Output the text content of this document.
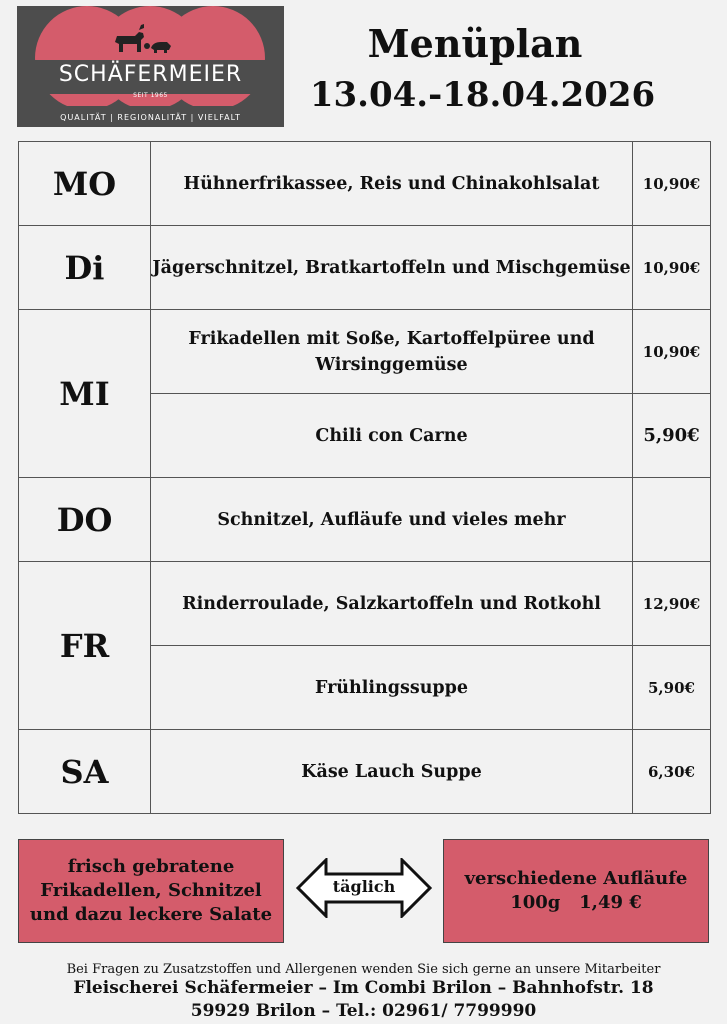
SCHÄFERMEIER
SEIT 1965
QUALITÄT | REGIONALITÄT | VIELFALT
Menüplan
13.04.-18.04.2026
MO	Hühnerfrikassee, Reis und Chinakohlsalat	10,90€
Di	Jägerschnitzel, Bratkartoffeln und Mischgemüse	10,90€
MI	Frikadellen mit Soße, Kartoffelpüree und Wirsinggemüse	10,90€
	Chili con Carne	5,90€
DO	Schnitzel, Aufläufe und vieles mehr	
FR	Rinderroulade, Salzkartoffeln und Rotkohl	12,90€
	Frühlingssuppe	5,90€
SA	Käse Lauch Suppe	6,30€
frisch gebratene Frikadellen, Schnitzel und dazu leckere Salate
täglich	verschiedene Aufläufe
100g   1,49 €
Bei Fragen zu Zusatzstoffen und Allergenen wenden Sie sich gerne an unsere Mitarbeiter
Fleischerei Schäfermeier – Im Combi Brilon – Bahnhofstr. 18
59929 Brilon – Tel.: 02961/ 7799990
